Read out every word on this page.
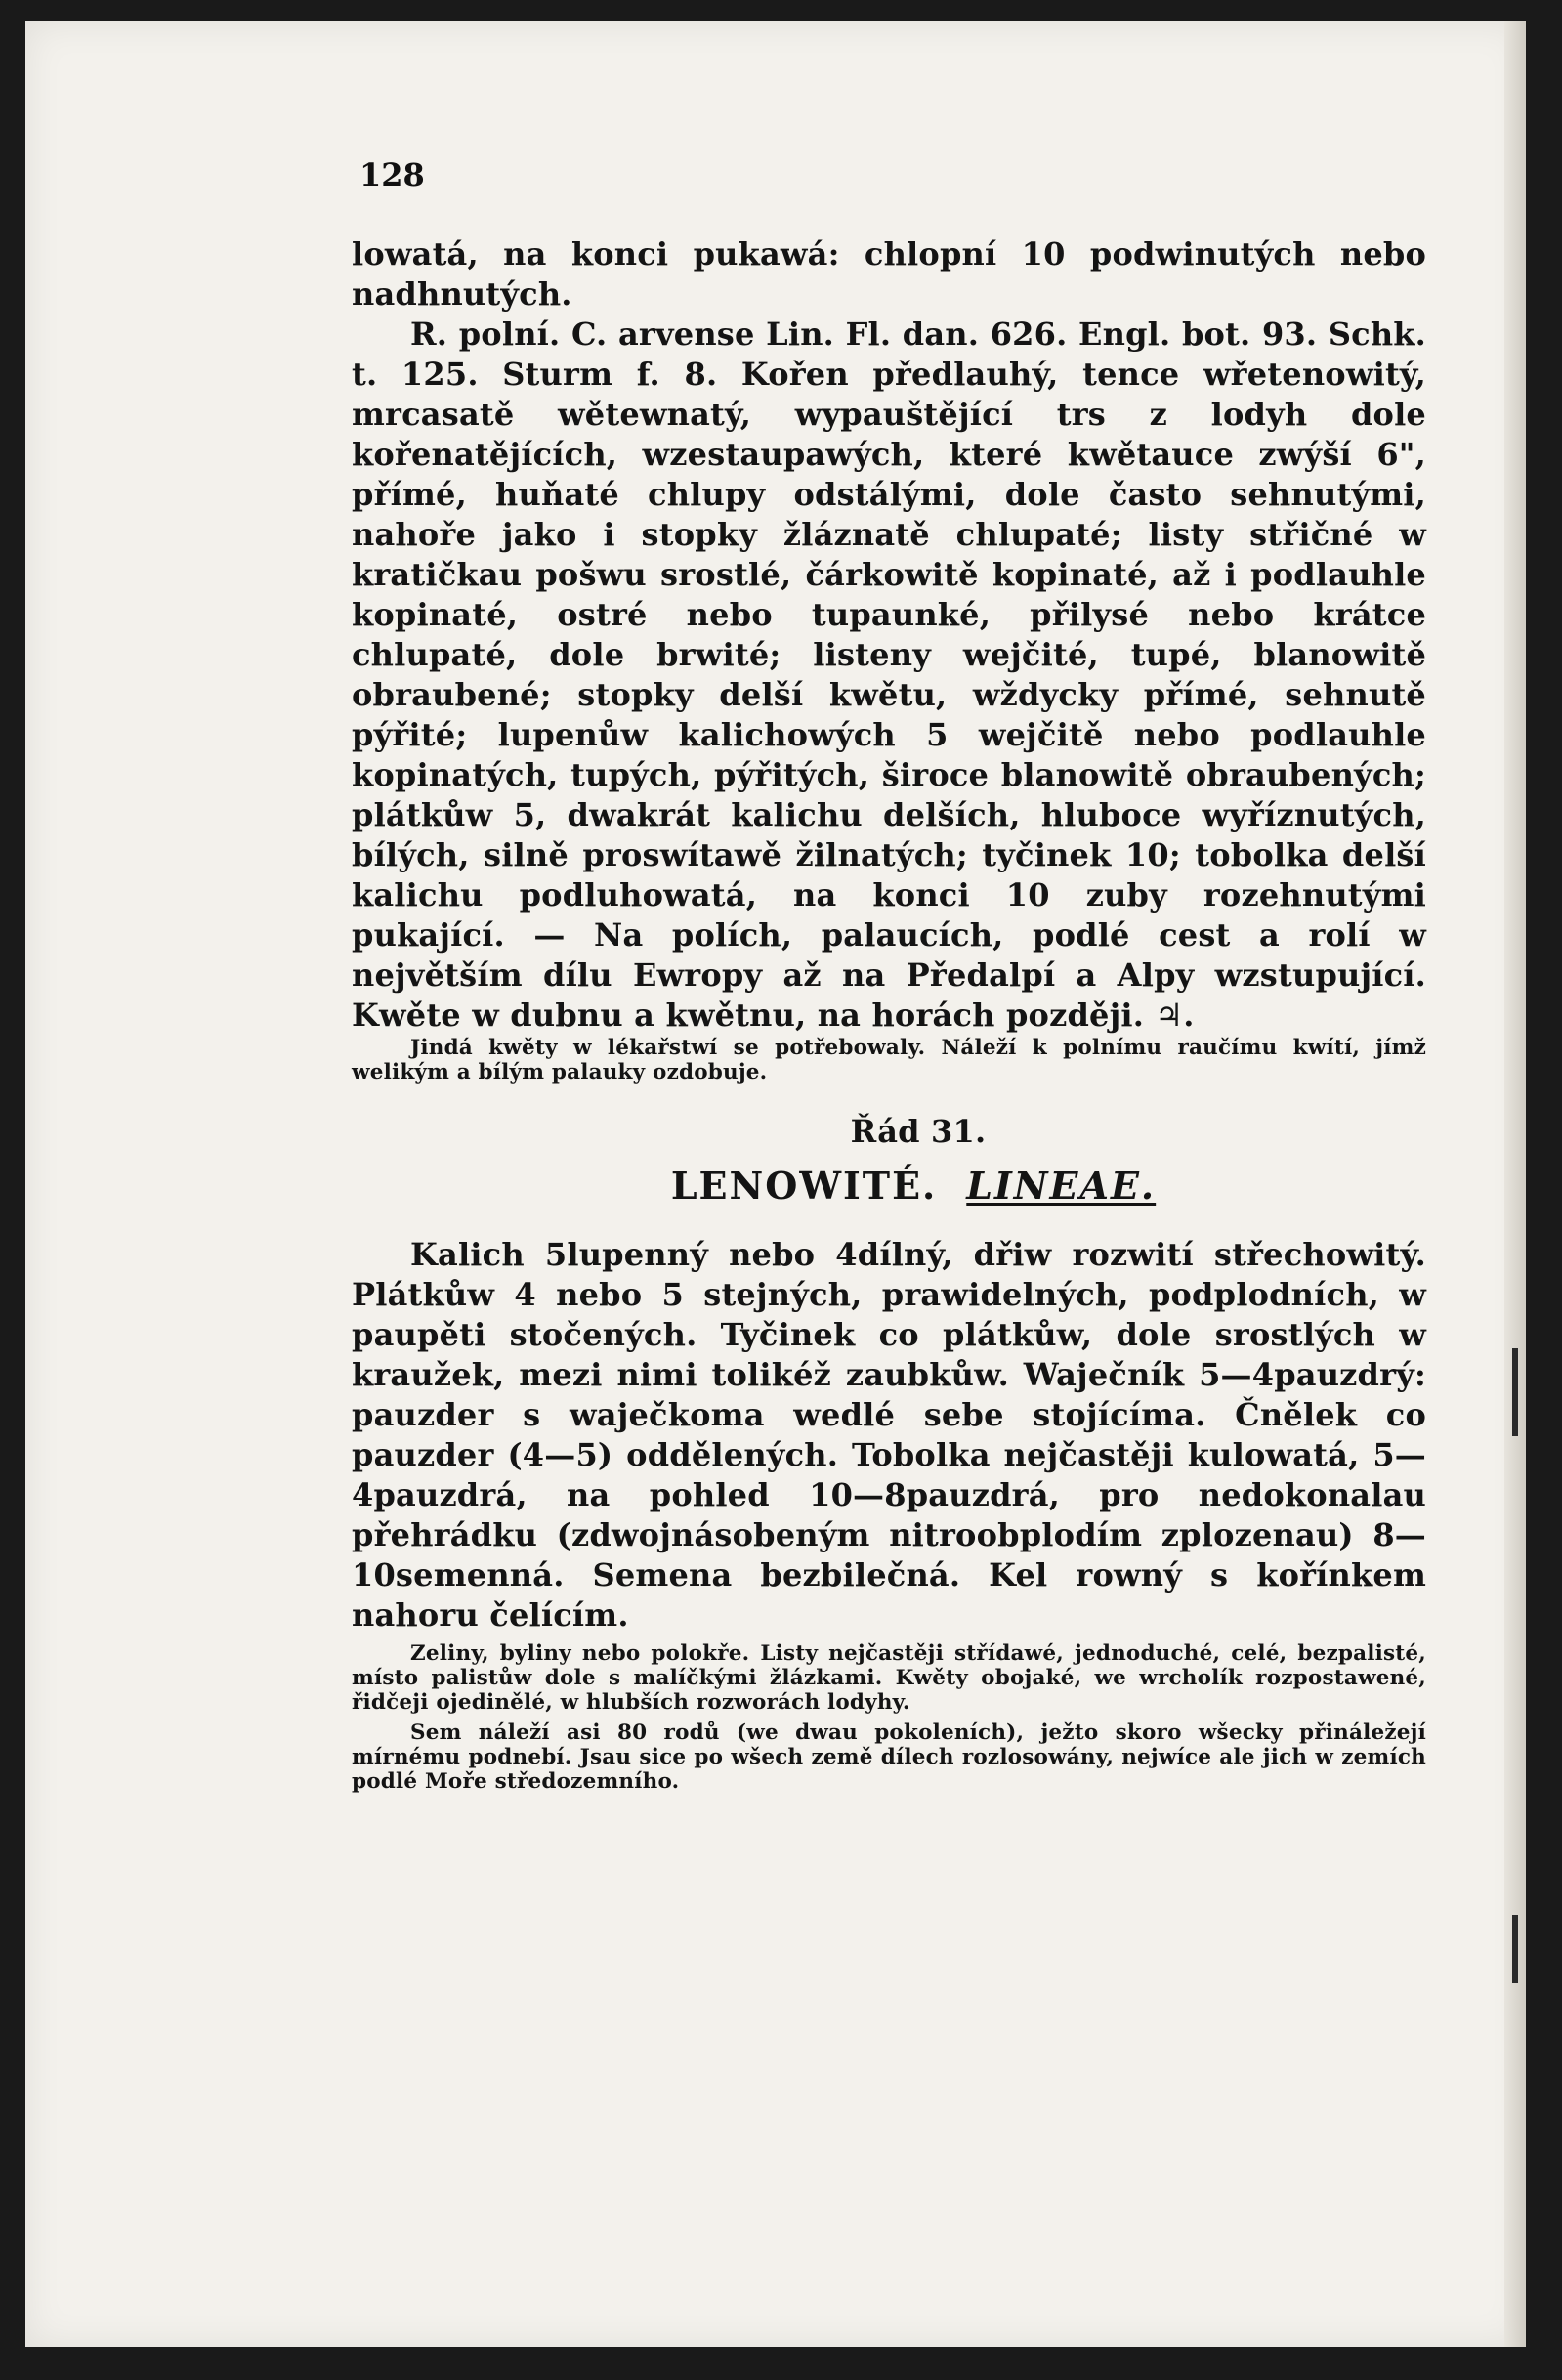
128

lowatá, na konci pukawá: chlopní 10 podwinutých nebo nadhnutých.

R. polní. C. arvense Lin. Fl. dan. 626. Engl. bot. 93. Schk. t. 125. Sturm f. 8. Kořen předlauhý, tence wřetenowitý, mrcasatě wětewnatý, wypauštějící trs z lodyh dole kořenatějících, wzestaupawých, které kwětauce zwýší 6", přímé, huňaté chlupy odstálými, dole často sehnutými, nahoře jako i stopky žláznatě chlupaté; listy střičné w kratičkau pošwu srostlé, čárkowitě kopinaté, až i podlauhle kopinaté, ostré nebo tupaunké, přilysé nebo krátce chlupaté, dole brwité; listeny wejčité, tupé, blanowitě obraubené; stopky delší kwětu, wždycky přímé, sehnutě pýřité; lupenůw kalichowých 5 wejčitě nebo podlauhle kopinatých, tupých, pýřitých, široce blanowitě obraubených; plátkůw 5, dwakrát kalichu delších, hluboce wyříznutých, bílých, silně proswítawě žilnatých; tyčinek 10; tobolka delší kalichu podluhowatá, na konci 10 zuby rozehnutými pukající. — Na polích, palaucích, podlé cest a rolí w největším dílu Ewropy až na Předalpí a Alpy wzstupující. Kwěte w dubnu a kwětnu, na horách později. ♃.

Jindá kwěty w lékařstwí se potřebowaly. Náleží k polnímu raučímu kwítí, jímž welikým a bílým palauky ozdobuje.

Řád 31.
LENOWITÉ. LINEAE.

Kalich 5lupenný nebo 4dílný, dřiw rozwití střechowitý. Plátkůw 4 nebo 5 stejných, prawidelných, podplodních, w paupěti stočených. Tyčinek co plátkůw, dole srostlých w kraužek, mezi nimi tolikéž zaubkůw. Waječník 5—4pauzdrý: pauzder s waječkoma wedlé sebe stojícíma. Čnělek co pauzder (4—5) oddělených. Tobolka nejčastěji kulowatá, 5—4pauzdrá, na pohled 10—8pauzdrá, pro nedokonalau přehrádku (zdwojnásobeným nitroobplodím zplozenau) 8—10semenná. Semena bezbilečná. Kel rowný s kořínkem nahoru čelícím.

Zeliny, byliny nebo polokře. Listy nejčastěji střídawé, jednoduché, celé, bezpalisté, místo palistůw dole s malíčkými žlázkami. Kwěty obojaké, we wrcholík rozpostawené, řidčeji ojedinělé, w hlubších rozworách lodyhy.

Sem náleží asi 80 rodů (we dwau pokoleních), ježto skoro wšecky přináležejí mírnému podnebí. Jsau sice po wšech země dílech rozlosowány, nejwíce ale jich w zemích podlé Moře středozemního.
